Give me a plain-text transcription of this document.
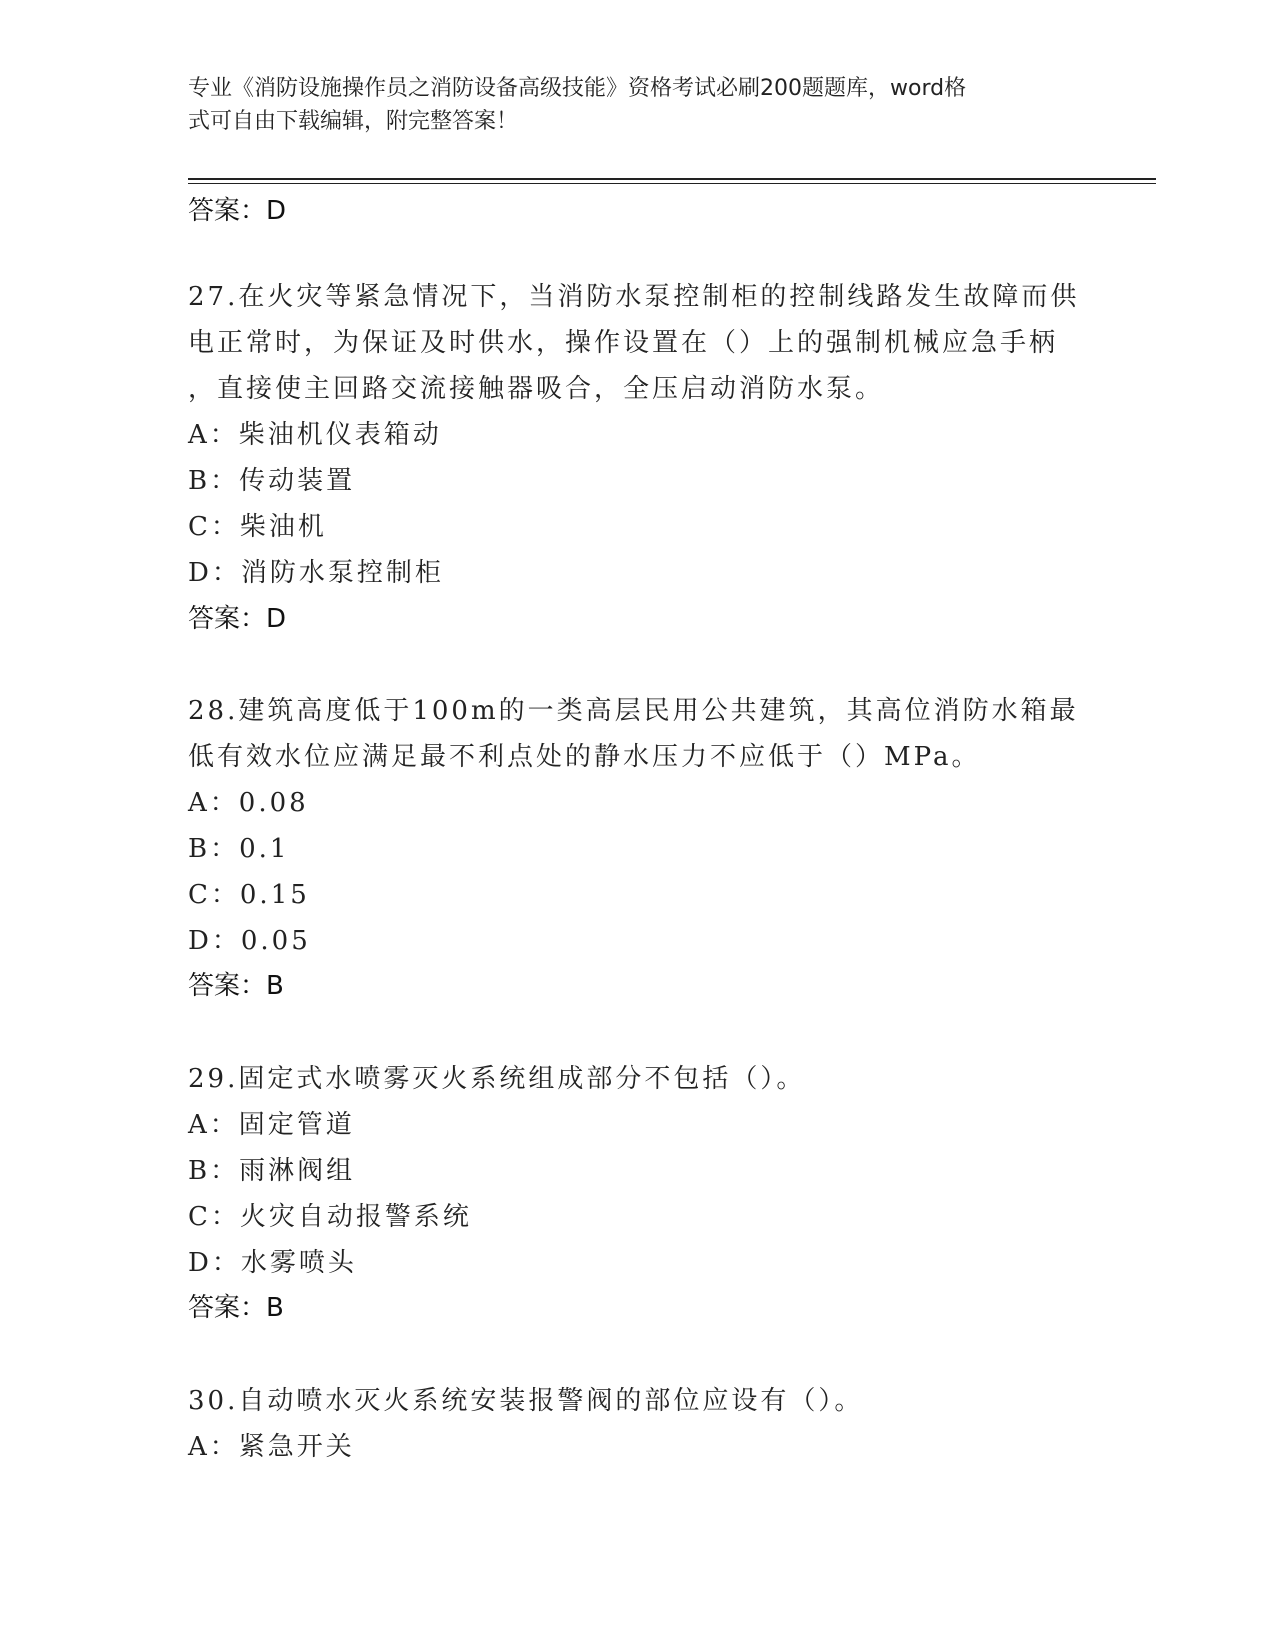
专业《消防设施操作员之消防设备高级技能》资格考试必刷200题题库，word格
式可自由下载编辑，附完整答案！
答案：D
27.在火灾等紧急情况下，当消防水泵控制柜的控制线路发生故障而供
电正常时，为保证及时供水，操作设置在（）上的强制机械应急手柄
，直接使主回路交流接触器吸合，全压启动消防水泵。
A：柴油机仪表箱动
B：传动装置
C：柴油机
D：消防水泵控制柜
答案：D
28.建筑高度低于100m的一类高层民用公共建筑，其高位消防水箱最
低有效水位应满足最不利点处的静水压力不应低于（）MPa。
A：0.08
B：0.1
C：0.15
D：0.05
答案：B
29.固定式水喷雾灭火系统组成部分不包括（）。
A：固定管道
B：雨淋阀组
C：火灾自动报警系统
D：水雾喷头
答案：B
30.自动喷水灭火系统安装报警阀的部位应设有（）。
A：紧急开关
